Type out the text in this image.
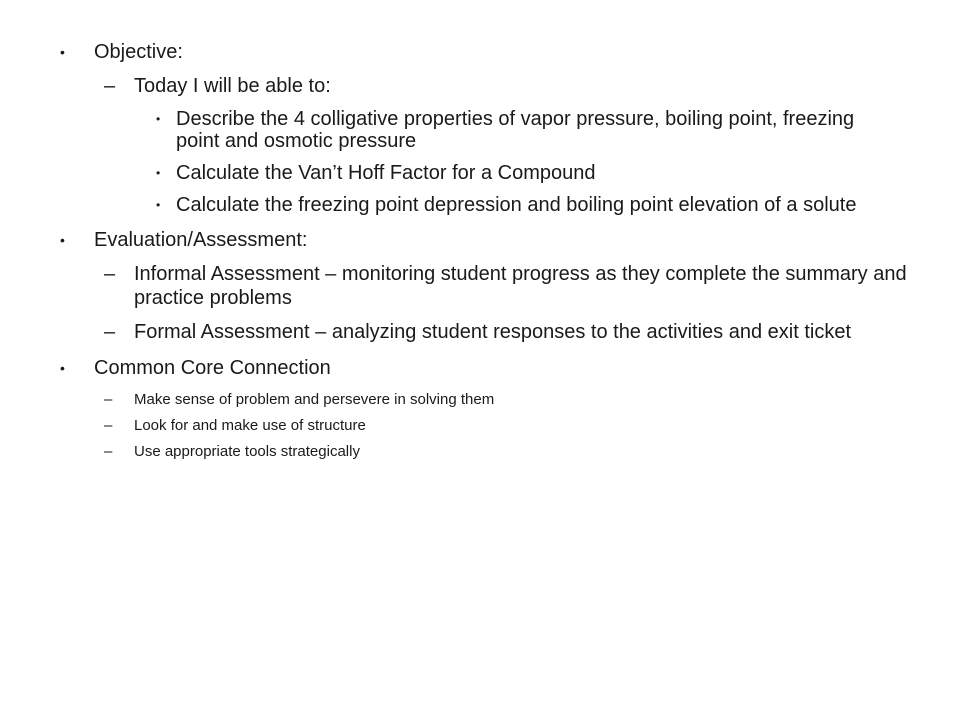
•	Objective:
– Today I will be able to:
• Describe the 4 colligative properties of vapor pressure, boiling point, freezing point and osmotic pressure
• Calculate the Van’t Hoff Factor for a Compound
• Calculate the freezing point depression and boiling point elevation of a solute
•	Evaluation/Assessment:
– Informal Assessment – monitoring student progress as they complete the summary and practice problems
– Formal Assessment – analyzing student responses to the activities and exit ticket
•	Common Core Connection
– Make sense of problem and persevere in solving them
– Look for and make use of structure
– Use appropriate tools strategically
